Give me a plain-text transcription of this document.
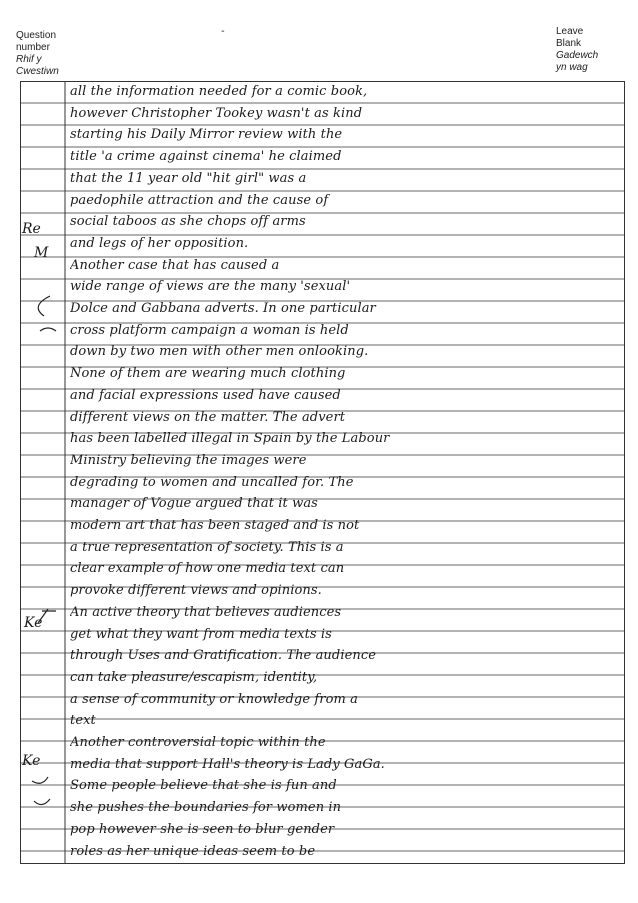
Question
number
Rhif y
Cwestiwn
-	Leave
Blank
Gadewch
yn wag
Re
M
Ke
Ke
all the information needed for a comic book,
however Christopher Tookey wasn't as kind
starting his Daily Mirror review with the
title 'a crime against cinema' he claimed
that the 11 year old "hit girl" was a
paedophile attraction and the cause of
social taboos as she chops off arms
and legs of her opposition.
Another case that has caused a
wide range of views are the many 'sexual'
Dolce and Gabbana adverts. In one particular
cross platform campaign a woman is held
down by two men with other men onlooking.
None of them are wearing much clothing
and facial expressions used have caused
different views on the matter. The advert
has been labelled illegal in Spain by the Labour
Ministry believing the images were
degrading to women and uncalled for. The
manager of Vogue argued that it was
modern art that has been staged and is not
a true representation of society. This is a
clear example of how one media text can
provoke different views and opinions.
An active theory that believes audiences
get what they want from media texts is
through Uses and Gratification. The audience
can take pleasure/escapism, identity,
a sense of community or knowledge from a
text
Another controversial topic within the
media that support Hall's theory is Lady GaGa.
Some people believe that she is fun and
she pushes the boundaries for women in
pop however she is seen to blur gender
roles as her unique ideas seem to be
